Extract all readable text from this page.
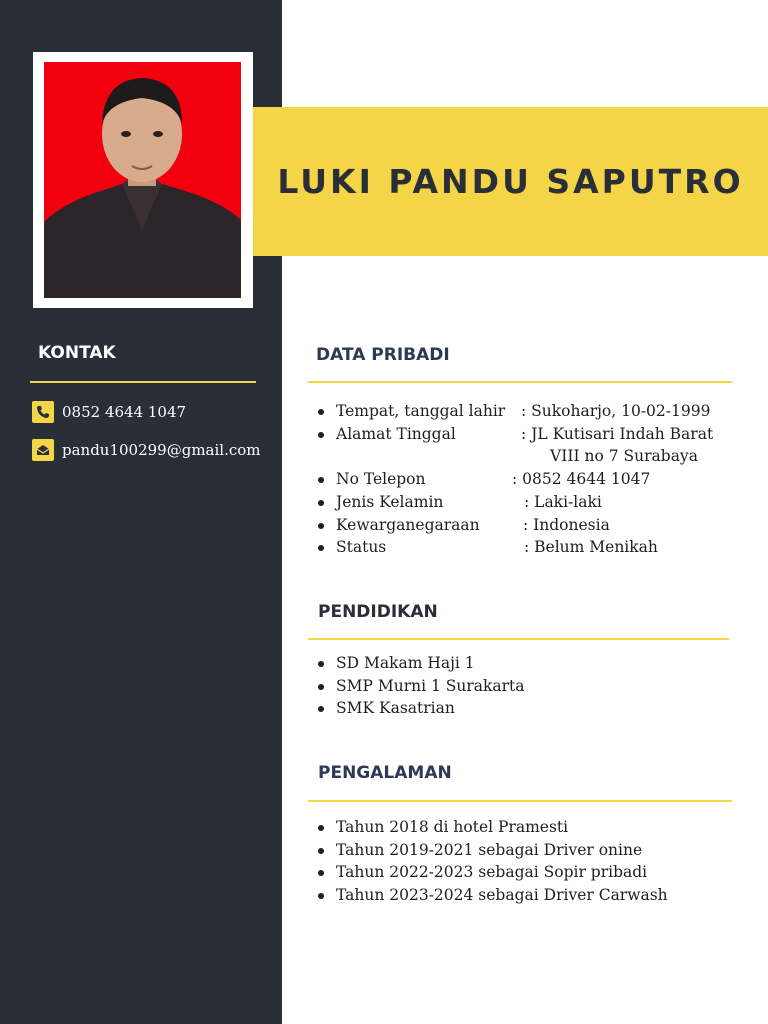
LUKI PANDU SAPUTRO
KONTAK
0852 4644 1047
pandu100299@gmail.com
DATA PRIBADI
Tempat, tanggal lahir : Sukoharjo, 10-02-1999
Alamat Tinggal	: JL Kutisari Indah Barat
VIII no 7 Surabaya
No Telepon	: 0852 4644 1047
Jenis Kelamin	: Laki-laki
Kewarganegaraan	: Indonesia
Status	: Belum Menikah
PENDIDIKAN
SD Makam Haji 1
SMP Murni 1 Surakarta
SMK Kasatrian
PENGALAMAN
Tahun 2018 di hotel Pramesti
Tahun 2019-2021 sebagai Driver onine
Tahun 2022-2023 sebagai Sopir pribadi
Tahun 2023-2024 sebagai Driver Carwash
